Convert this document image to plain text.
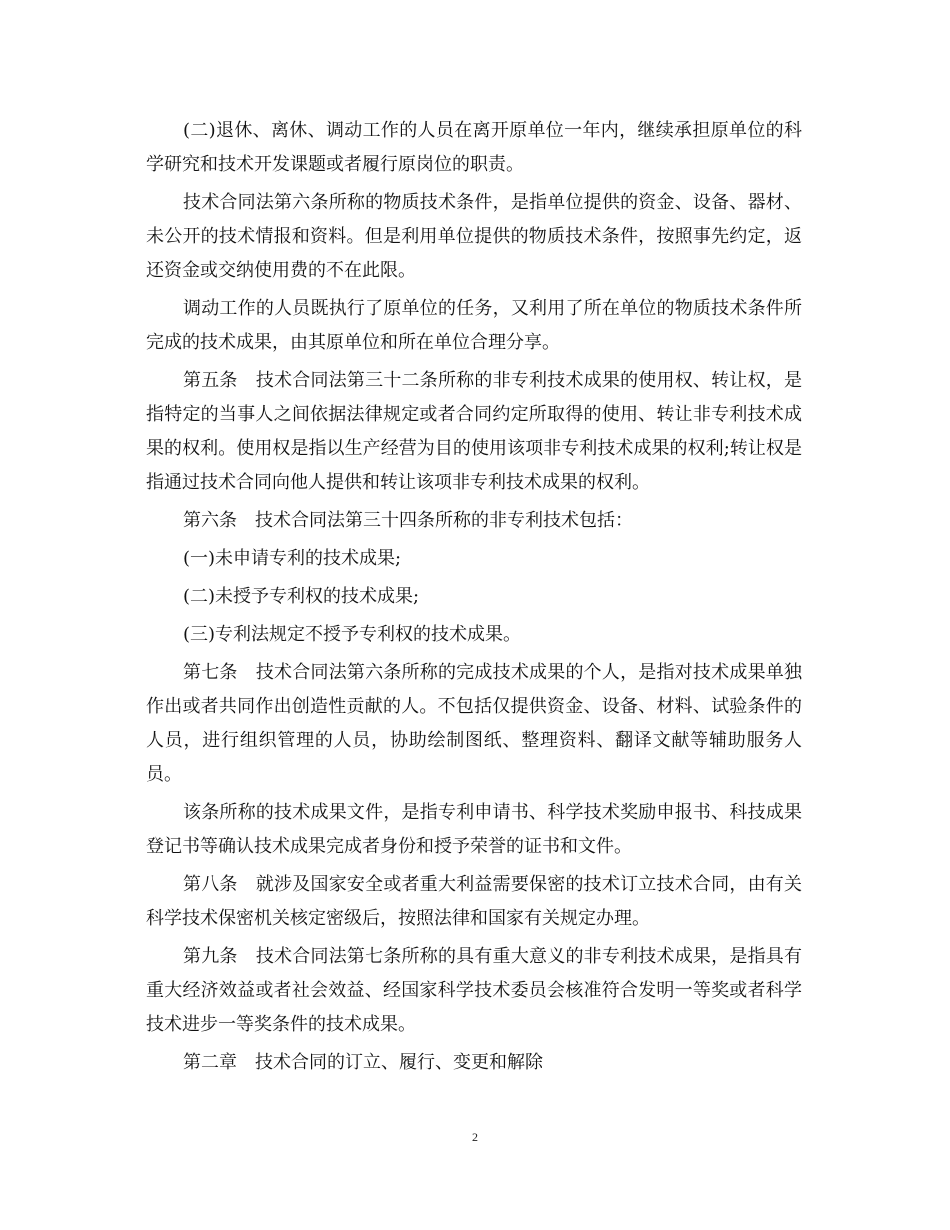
(二)退休、离休、调动工作的人员在离开原单位一年内，继续承担原单位的科学研究和技术开发课题或者履行原岗位的职责。

技术合同法第六条所称的物质技术条件，是指单位提供的资金、设备、器材、未公开的技术情报和资料。但是利用单位提供的物质技术条件，按照事先约定，返还资金或交纳使用费的不在此限。

调动工作的人员既执行了原单位的任务，又利用了所在单位的物质技术条件所完成的技术成果，由其原单位和所在单位合理分享。

第五条　技术合同法第三十二条所称的非专利技术成果的使用权、转让权，是指特定的当事人之间依据法律规定或者合同约定所取得的使用、转让非专利技术成果的权利。使用权是指以生产经营为目的使用该项非专利技术成果的权利;转让权是指通过技术合同向他人提供和转让该项非专利技术成果的权利。

第六条　技术合同法第三十四条所称的非专利技术包括：

(一)未申请专利的技术成果;

(二)未授予专利权的技术成果;

(三)专利法规定不授予专利权的技术成果。

第七条　技术合同法第六条所称的完成技术成果的个人，是指对技术成果单独作出或者共同作出创造性贡献的人。不包括仅提供资金、设备、材料、试验条件的人员，进行组织管理的人员，协助绘制图纸、整理资料、翻译文献等辅助服务人员。

该条所称的技术成果文件，是指专利申请书、科学技术奖励申报书、科技成果登记书等确认技术成果完成者身份和授予荣誉的证书和文件。

第八条　就涉及国家安全或者重大利益需要保密的技术订立技术合同，由有关科学技术保密机关核定密级后，按照法律和国家有关规定办理。

第九条　技术合同法第七条所称的具有重大意义的非专利技术成果，是指具有重大经济效益或者社会效益、经国家科学技术委员会核准符合发明一等奖或者科学技术进步一等奖条件的技术成果。

第二章　技术合同的订立、履行、变更和解除

2
